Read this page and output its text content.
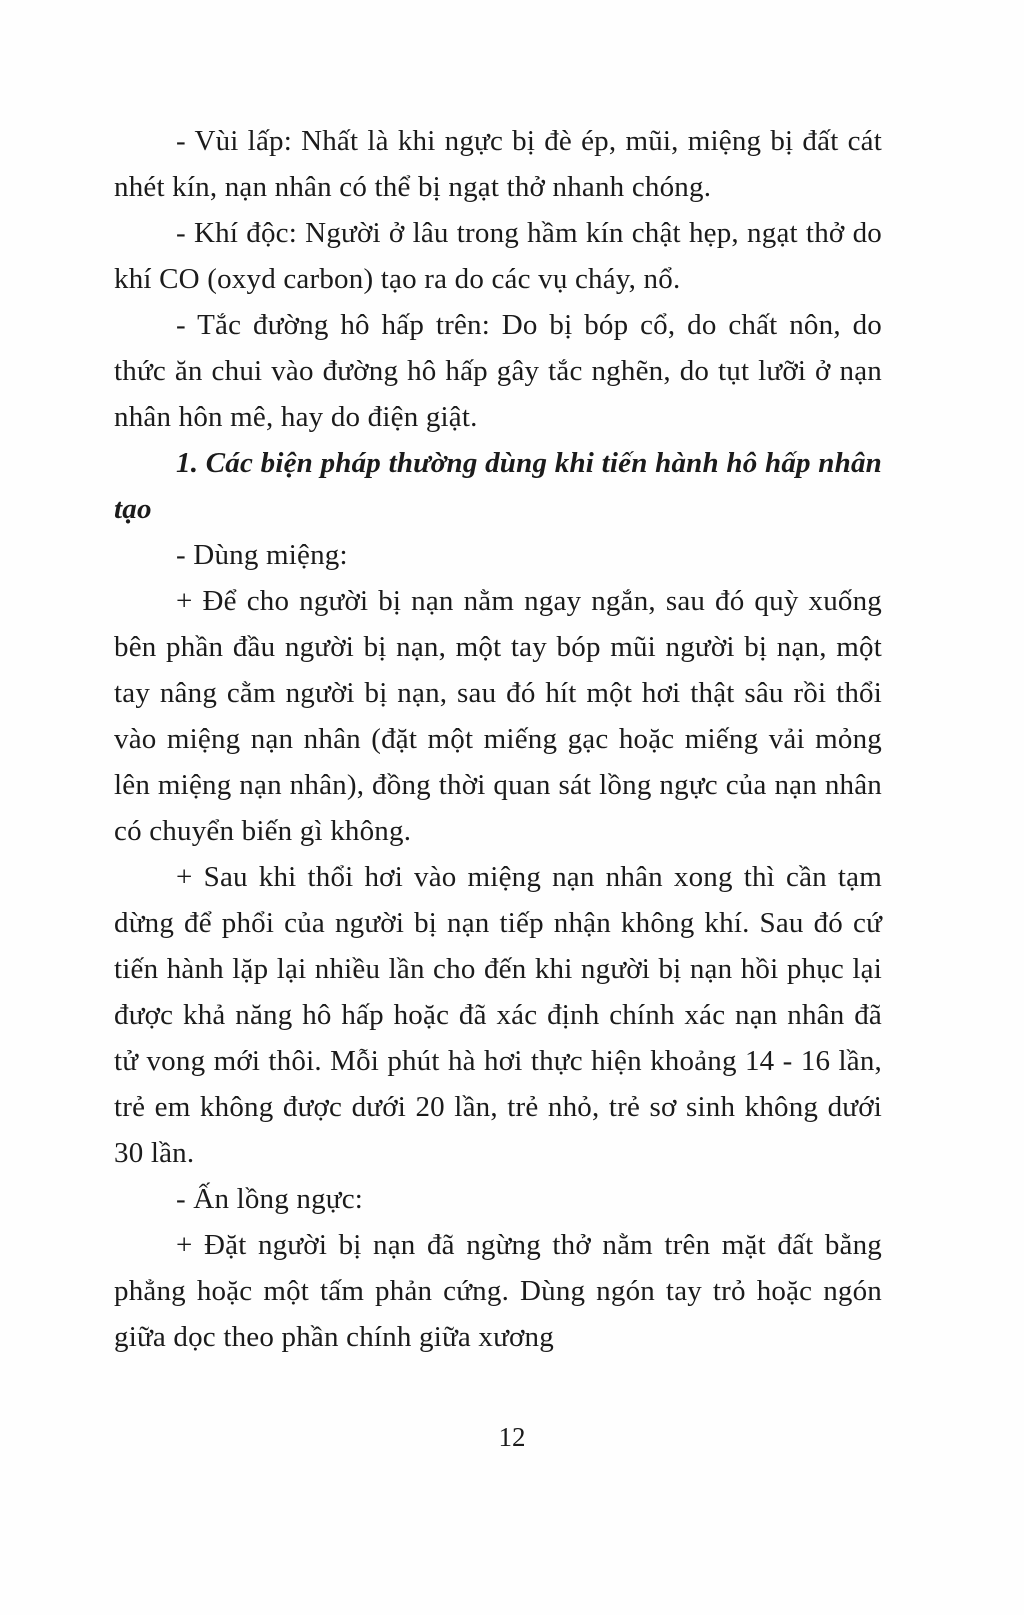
- Vùi lấp: Nhất là khi ngực bị đè ép, mũi, miệng bị đất cát nhét kín, nạn nhân có thể bị ngạt thở nhanh chóng.

- Khí độc: Người ở lâu trong hầm kín chật hẹp, ngạt thở do khí CO (oxyd carbon) tạo ra do các vụ cháy, nổ.

- Tắc đường hô hấp trên: Do bị bóp cổ, do chất nôn, do thức ăn chui vào đường hô hấp gây tắc nghẽn, do tụt lưỡi ở nạn nhân hôn mê, hay do điện giật.

1. Các biện pháp thường dùng khi tiến hành hô hấp nhân tạo

- Dùng miệng:

+ Để cho người bị nạn nằm ngay ngắn, sau đó quỳ xuống bên phần đầu người bị nạn, một tay bóp mũi người bị nạn, một tay nâng cằm người bị nạn, sau đó hít một hơi thật sâu rồi thổi vào miệng nạn nhân (đặt một miếng gạc hoặc miếng vải mỏng lên miệng nạn nhân), đồng thời quan sát lồng ngực của nạn nhân có chuyển biến gì không.

+ Sau khi thổi hơi vào miệng nạn nhân xong thì cần tạm dừng để phổi của người bị nạn tiếp nhận không khí. Sau đó cứ tiến hành lặp lại nhiều lần cho đến khi người bị nạn hồi phục lại được khả năng hô hấp hoặc đã xác định chính xác nạn nhân đã tử vong mới thôi. Mỗi phút hà hơi thực hiện khoảng 14 - 16 lần, trẻ em không được dưới 20 lần, trẻ nhỏ, trẻ sơ sinh không dưới 30 lần.

- Ấn lồng ngực:

+ Đặt người bị nạn đã ngừng thở nằm trên mặt đất bằng phẳng hoặc một tấm phản cứng. Dùng ngón tay trỏ hoặc ngón giữa dọc theo phần chính giữa xương

12
